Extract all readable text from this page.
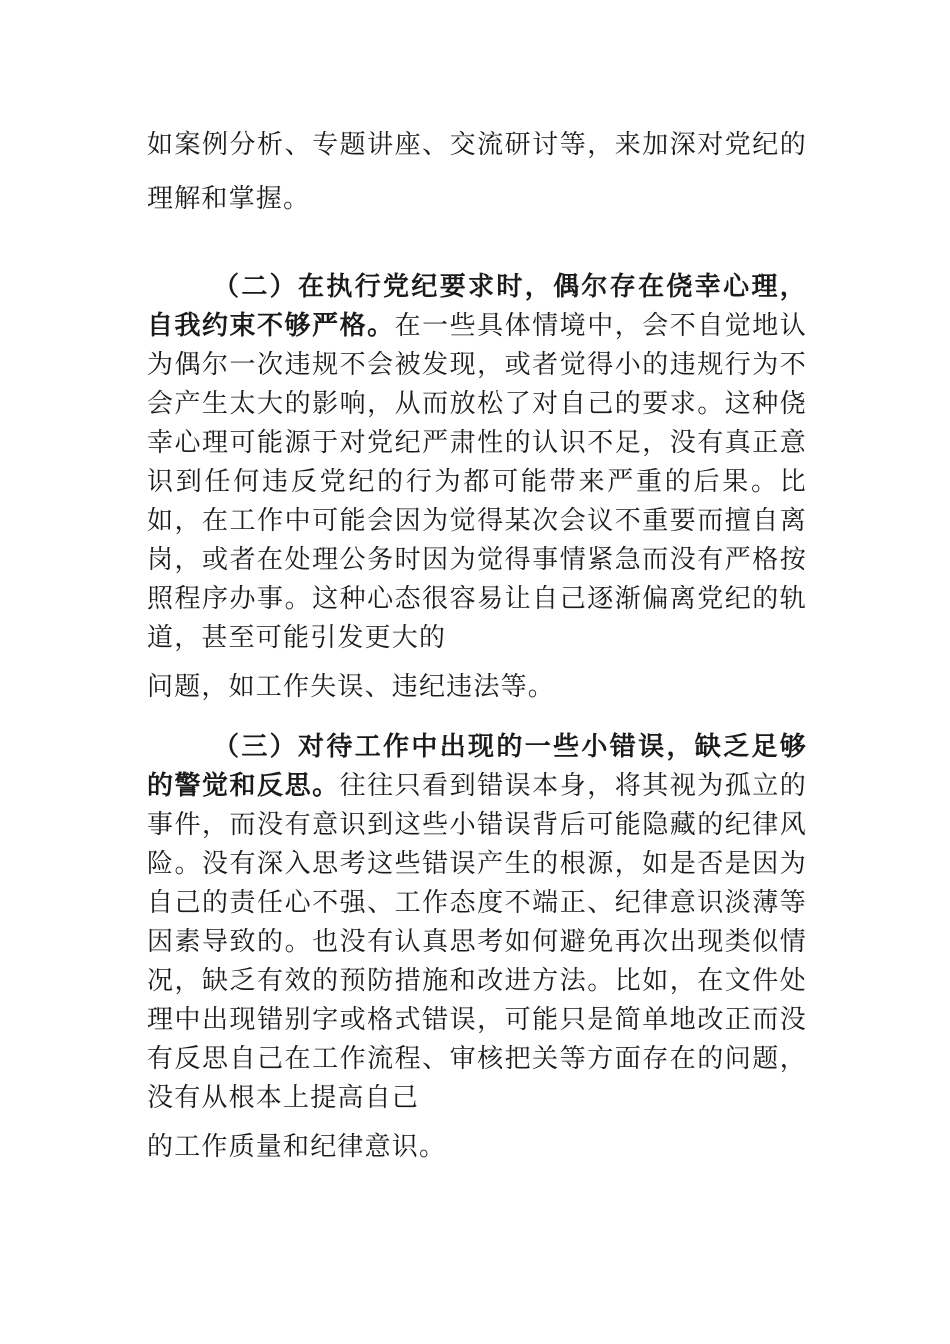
如案例分析、专题讲座、交流研讨等，来加深对党纪的理解和掌握。

（二）在执行党纪要求时，偶尔存在侥幸心理，自我约束不够严格。在一些具体情境中，会不自觉地认为偶尔一次违规不会被发现，或者觉得小的违规行为不会产生太大的影响，从而放松了对自己的要求。这种侥幸心理可能源于对党纪严肃性的认识不足，没有真正意识到任何违反党纪的行为都可能带来严重的后果。比如，在工作中可能会因为觉得某次会议不重要而擅自离岗，或者在处理公务时因为觉得事情紧急而没有严格按照程序办事。这种心态很容易让自己逐渐偏离党纪的轨道，甚至可能引发更大的
问题，如工作失误、违纪违法等。

（三）对待工作中出现的一些小错误，缺乏足够的警觉和反思。往往只看到错误本身，将其视为孤立的事件，而没有意识到这些小错误背后可能隐藏的纪律风险。没有深入思考这些错误产生的根源，如是否是因为自己的责任心不强、工作态度不端正、纪律意识淡薄等因素导致的。也没有认真思考如何避免再次出现类似情况，缺乏有效的预防措施和改进方法。比如，在文件处理中出现错别字或格式错误，可能只是简单地改正而没有反思自己在工作流程、审核把关等方面存在的问题，没有从根本上提高自己
的工作质量和纪律意识。
